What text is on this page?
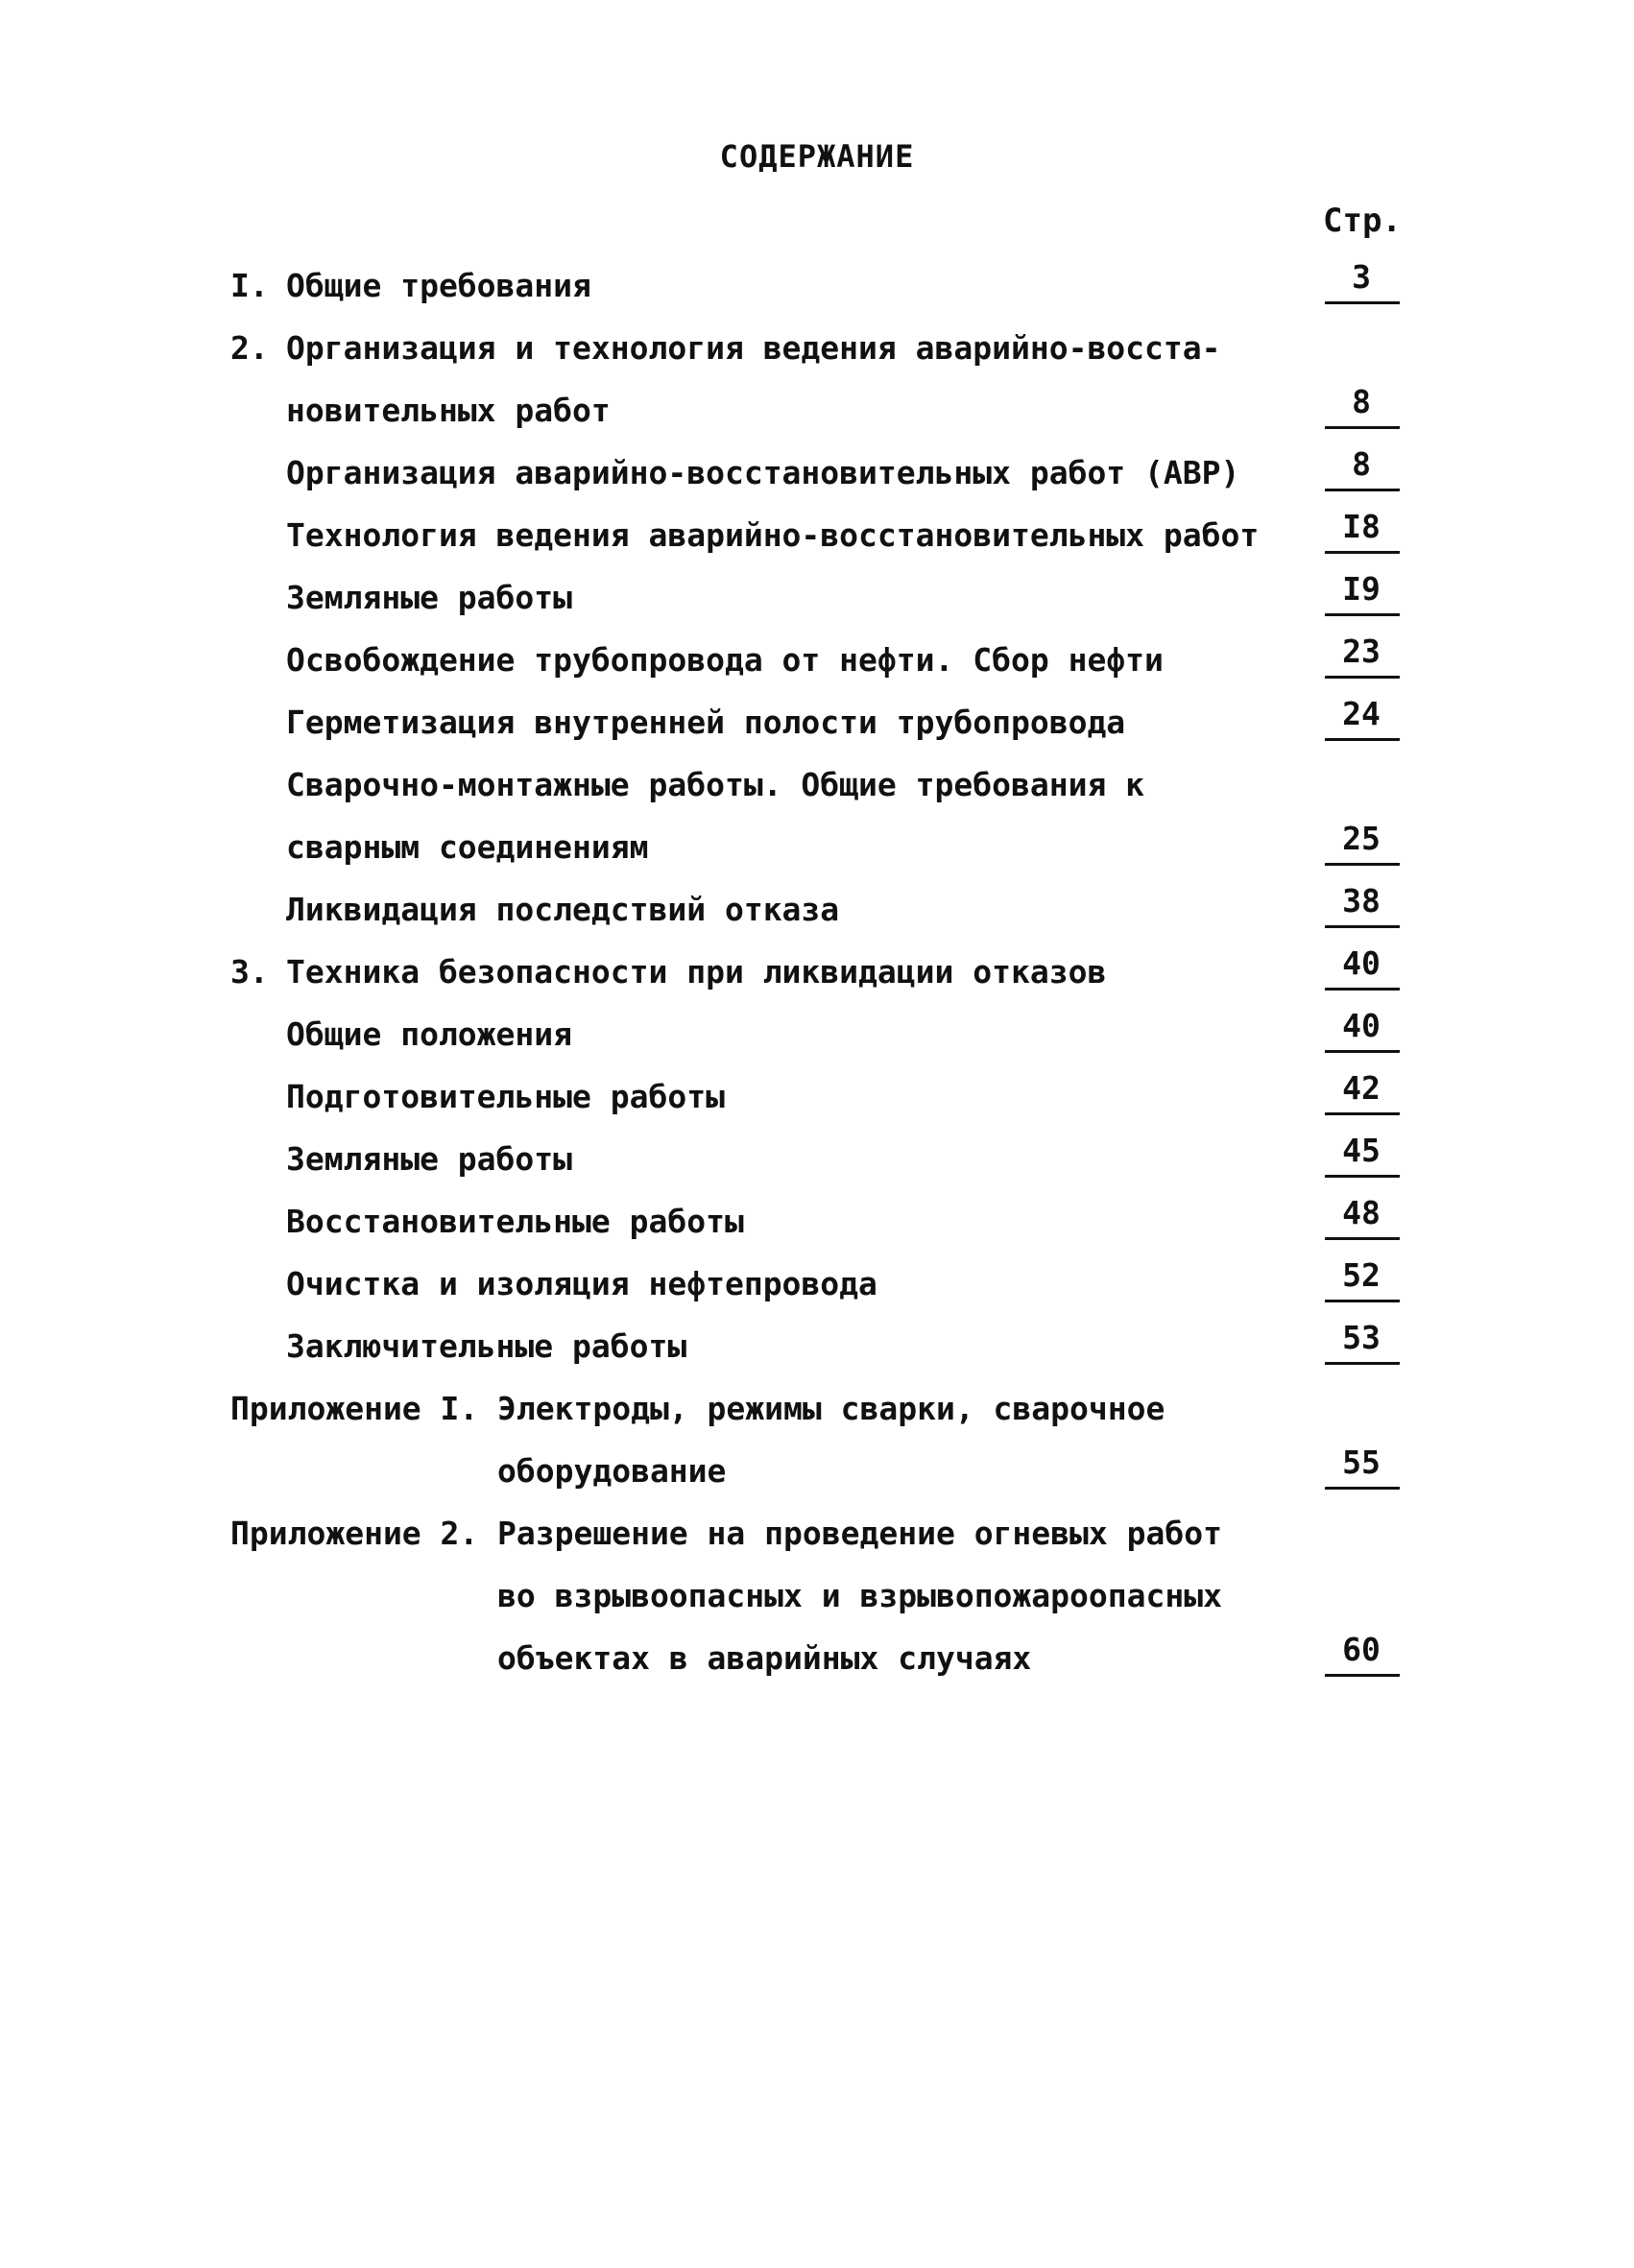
СОДЕРЖАНИЕ
Стр.
I. Общие требования	3
2. Организация и технология ведения аварийно-восста-
новительных работ	8
Организация аварийно-восстановительных работ (АВР)	8
Технология ведения аварийно-восстановительных работ	I8
Земляные работы	I9
Освобождение трубопровода от нефти. Сбор нефти	23
Герметизация внутренней полости трубопровода	24
Сварочно-монтажные работы. Общие требования к
сварным соединениям	25
Ликвидация последствий отказа	38
3. Техника безопасности при ликвидации отказов	40
Общие положения	40
Подготовительные работы	42
Земляные работы	45
Восстановительные работы	48
Очистка и изоляция нефтепровода	52
Заключительные работы	53
Приложение I. Электроды, режимы сварки, сварочное
оборудование	55
Приложение 2. Разрешение на проведение огневых работ
во взрывоопасных и взрывопожароопасных
объектах в аварийных случаях	60
